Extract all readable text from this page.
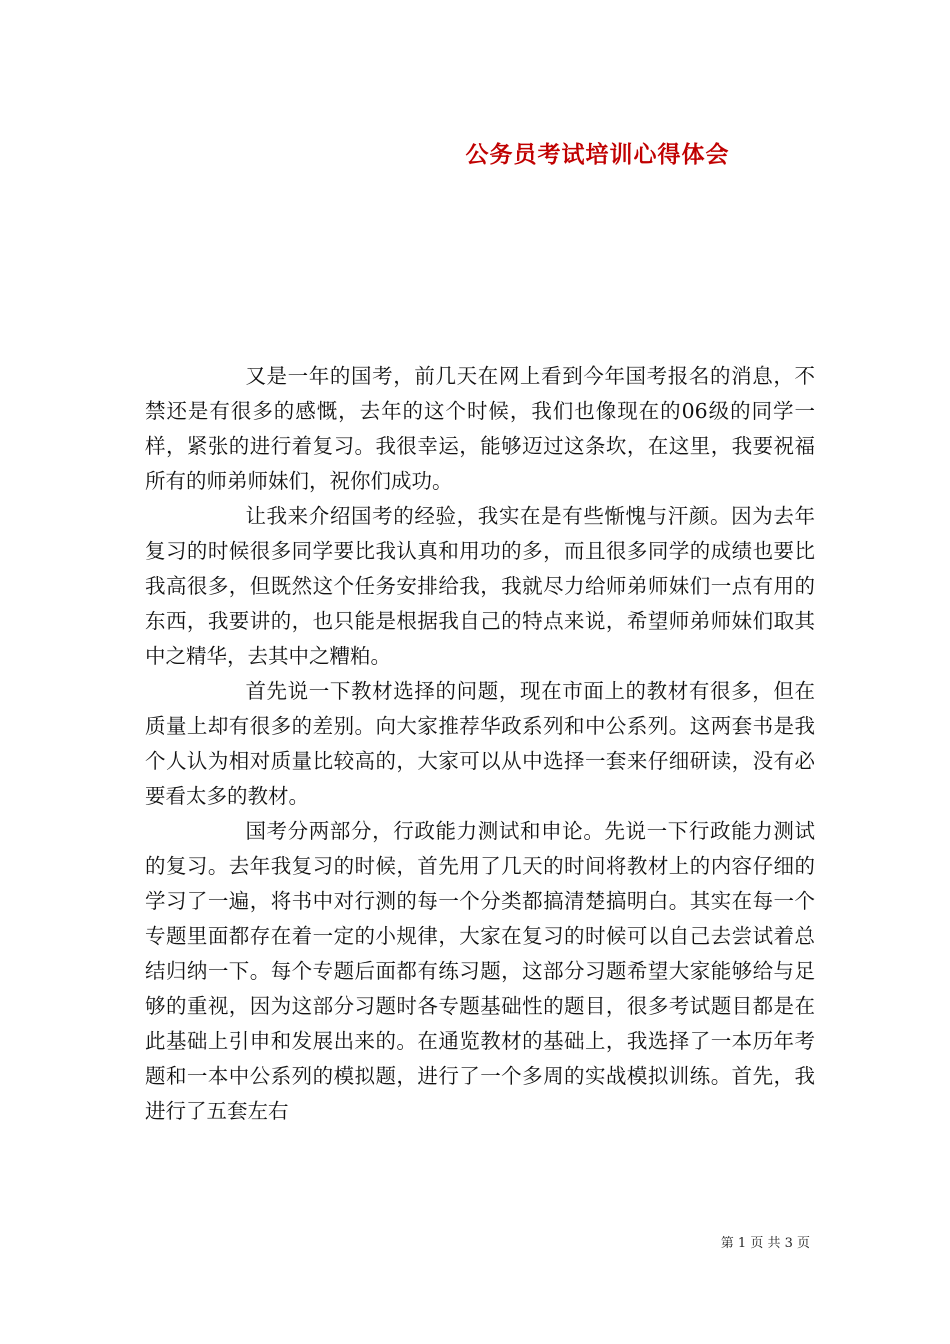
公务员考试培训心得体会

又是一年的国考，前几天在网上看到今年国考报名的消息，不禁还是有很多的感慨，去年的这个时候，我们也像现在的06级的同学一样，紧张的进行着复习。我很幸运，能够迈过这条坎，在这里，我要祝福所有的师弟师妹们，祝你们成功。

让我来介绍国考的经验，我实在是有些惭愧与汗颜。因为去年复习的时候很多同学要比我认真和用功的多，而且很多同学的成绩也要比我高很多，但既然这个任务安排给我，我就尽力给师弟师妹们一点有用的东西，我要讲的，也只能是根据我自己的特点来说，希望师弟师妹们取其中之精华，去其中之糟粕。

首先说一下教材选择的问题，现在市面上的教材有很多，但在质量上却有很多的差别。向大家推荐华政系列和中公系列。这两套书是我个人认为相对质量比较高的，大家可以从中选择一套来仔细研读，没有必要看太多的教材。

国考分两部分，行政能力测试和申论。先说一下行政能力测试的复习。去年我复习的时候，首先用了几天的时间将教材上的内容仔细的学习了一遍，将书中对行测的每一个分类都搞清楚搞明白。其实在每一个专题里面都存在着一定的小规律，大家在复习的时候可以自己去尝试着总结归纳一下。每个专题后面都有练习题，这部分习题希望大家能够给与足够的重视，因为这部分习题时各专题基础性的题目，很多考试题目都是在此基础上引申和发展出来的。在通览教材的基础上，我选择了一本历年考题和一本中公系列的模拟题，进行了一个多周的实战模拟训练。首先，我进行了五套左右

第 1 页 共 3 页
